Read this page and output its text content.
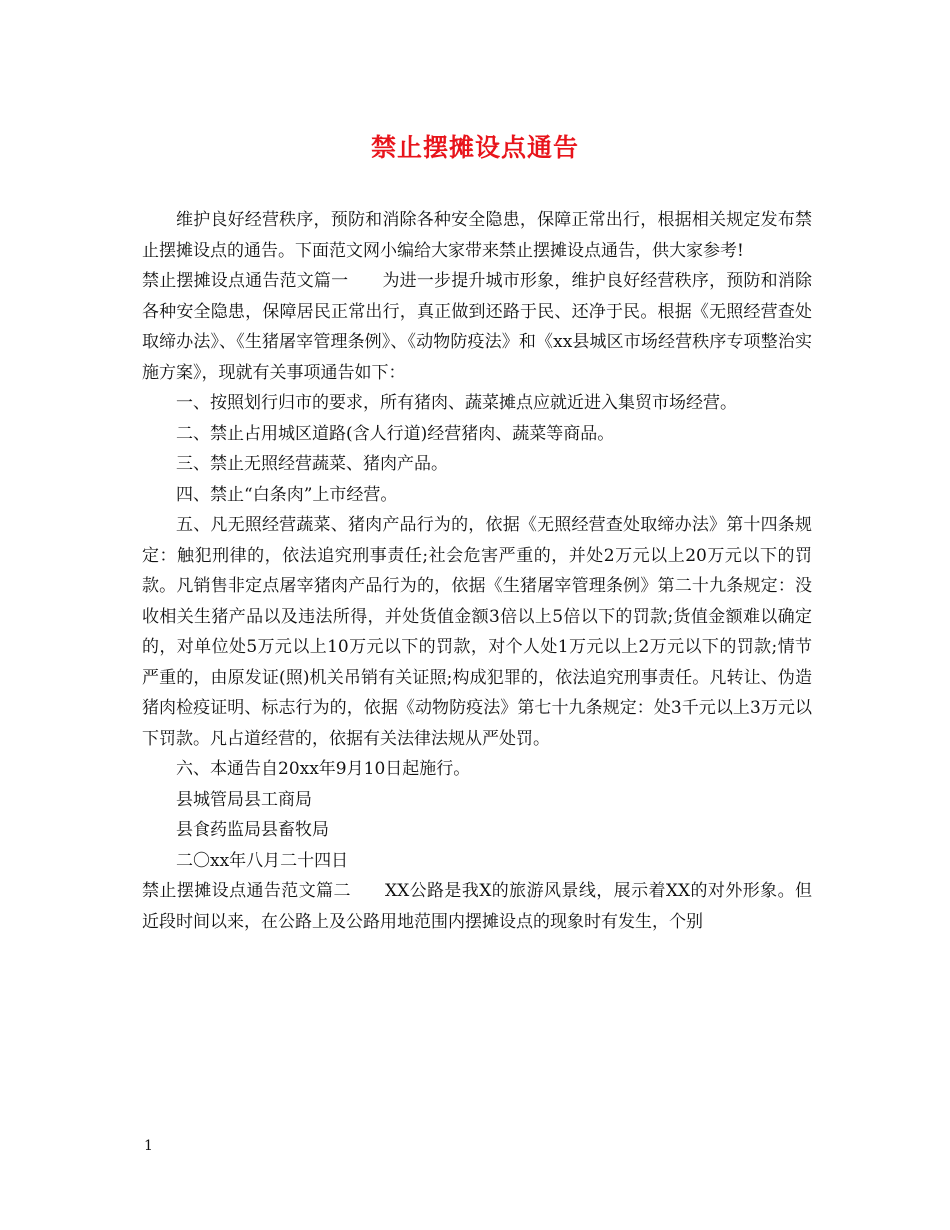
禁止摆摊设点通告

维护良好经营秩序，预防和消除各种安全隐患，保障正常出行，根据相关规定发布禁止摆摊设点的通告。下面范文网小编给大家带来禁止摆摊设点通告，供大家参考!

禁止摆摊设点通告范文篇一 为进一步提升城市形象，维护良好经营秩序，预防和消除各种安全隐患，保障居民正常出行，真正做到还路于民、还净于民。根据《无照经营查处取缔办法》、《生猪屠宰管理条例》、《动物防疫法》和《xx县城区市场经营秩序专项整治实施方案》，现就有关事项通告如下：

一、按照划行归市的要求，所有猪肉、蔬菜摊点应就近进入集贸市场经营。

二、禁止占用城区道路(含人行道)经营猪肉、蔬菜等商品。

三、禁止无照经营蔬菜、猪肉产品。

四、禁止“白条肉”上市经营。

五、凡无照经营蔬菜、猪肉产品行为的，依据《无照经营查处取缔办法》第十四条规定：触犯刑律的，依法追究刑事责任;社会危害严重的，并处2万元以上20万元以下的罚款。凡销售非定点屠宰猪肉产品行为的，依据《生猪屠宰管理条例》第二十九条规定：没收相关生猪产品以及违法所得，并处货值金额3倍以上5倍以下的罚款;货值金额难以确定的，对单位处5万元以上10万元以下的罚款，对个人处1万元以上2万元以下的罚款;情节严重的，由原发证(照)机关吊销有关证照;构成犯罪的，依法追究刑事责任。凡转让、伪造猪肉检疫证明、标志行为的，依据《动物防疫法》第七十九条规定：处3千元以上3万元以下罚款。凡占道经营的，依据有关法律法规从严处罚。

六、本通告自20xx年9月10日起施行。

县城管局县工商局

县食药监局县畜牧局

二〇xx年八月二十四日

禁止摆摊设点通告范文篇二 XX公路是我X的旅游风景线，展示着XX的对外形象。但近段时间以来，在公路上及公路用地范围内摆摊设点的现象时有发生，个别

1
